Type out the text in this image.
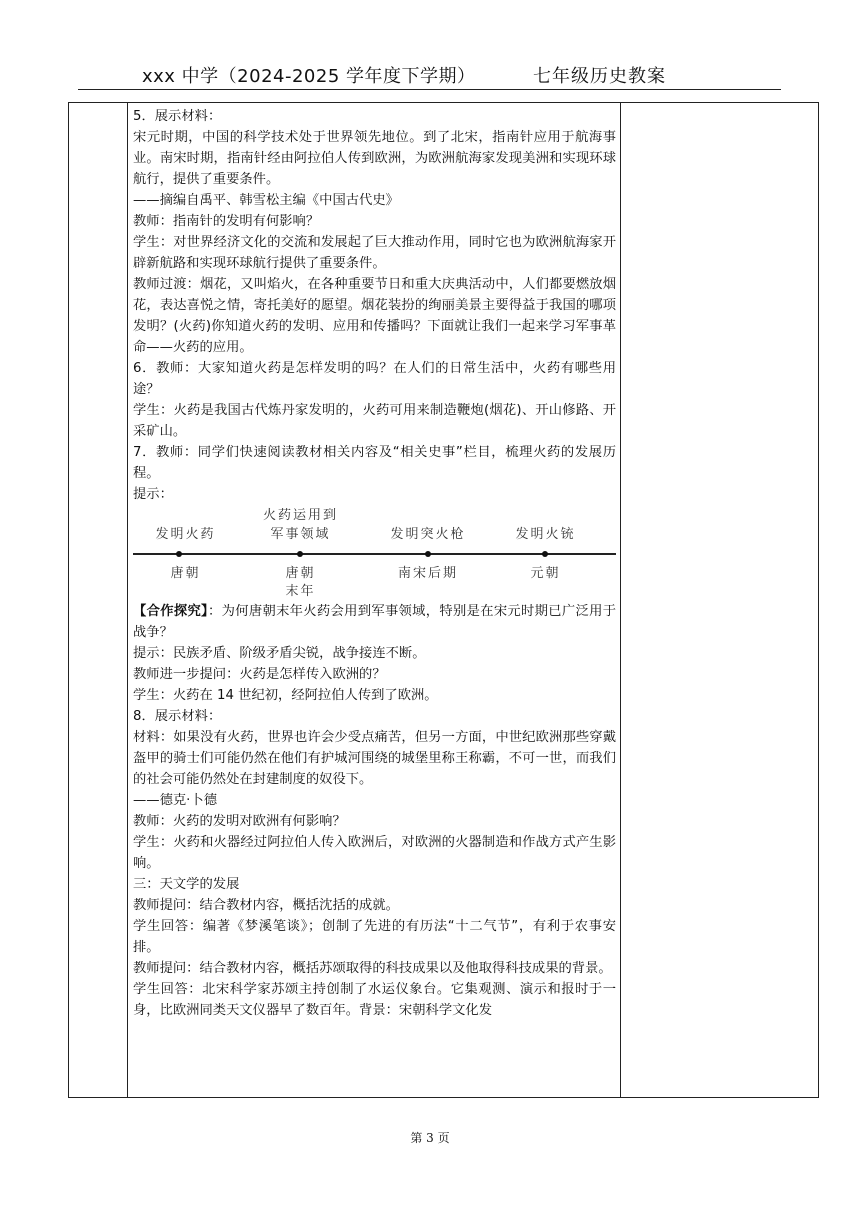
xxx 中学（2024-2025 学年度下学期）	七年级历史教案

5．展示材料：

宋元时期，中国的科学技术处于世界领先地位。到了北宋，指南针应用于航海事业。南宋时期，指南针经由阿拉伯人传到欧洲，为欧洲航海家发现美洲和实现环球航行，提供了重要条件。

——摘编自禹平、韩雪松主编《中国古代史》

教师：指南针的发明有何影响？

学生：对世界经济文化的交流和发展起了巨大推动作用，同时它也为欧洲航海家开辟新航路和实现环球航行提供了重要条件。

教师过渡：烟花，又叫焰火，在各种重要节日和重大庆典活动中，人们都要燃放烟花，表达喜悦之情，寄托美好的愿望。烟花装扮的绚丽美景主要得益于我国的哪项发明？(火药)你知道火药的发明、应用和传播吗？下面就让我们一起来学习军事革命——火药的应用。

6．教师：大家知道火药是怎样发明的吗？在人们的日常生活中，火药有哪些用途？

学生：火药是我国古代炼丹家发明的，火药可用来制造鞭炮(烟花)、开山修路、开采矿山。

7．教师：同学们快速阅读教材相关内容及“相关史事”栏目，梳理火药的发展历程。

提示：

发明火药
火药运用到
军事领域	发明突火枪	发明火铳
唐朝	唐朝
末年
南宋后期	元朝

【合作探究】：为何唐朝末年火药会用到军事领域，特别是在宋元时期已广泛用于战争？

提示：民族矛盾、阶级矛盾尖锐，战争接连不断。

教师进一步提问：火药是怎样传入欧洲的？

学生：火药在 14 世纪初，经阿拉伯人传到了欧洲。

8．展示材料：

材料：如果没有火药，世界也许会少受点痛苦，但另一方面，中世纪欧洲那些穿戴盔甲的骑士们可能仍然在他们有护城河围绕的城堡里称王称霸，不可一世，而我们的社会可能仍然处在封建制度的奴役下。

——德克·卜德

教师：火药的发明对欧洲有何影响？

学生：火药和火器经过阿拉伯人传入欧洲后，对欧洲的火器制造和作战方式产生影响。

三：天文学的发展

教师提问：结合教材内容，概括沈括的成就。

学生回答：编著《梦溪笔谈》；创制了先进的有历法“十二气节”，有利于农事安排。

教师提问：结合教材内容，概括苏颂取得的科技成果以及他取得科技成果的背景。

学生回答：北宋科学家苏颂主持创制了水运仪象台。它集观测、演示和报时于一身，比欧洲同类天文仪器早了数百年。背景：宋朝科学文化发

第 3 页
